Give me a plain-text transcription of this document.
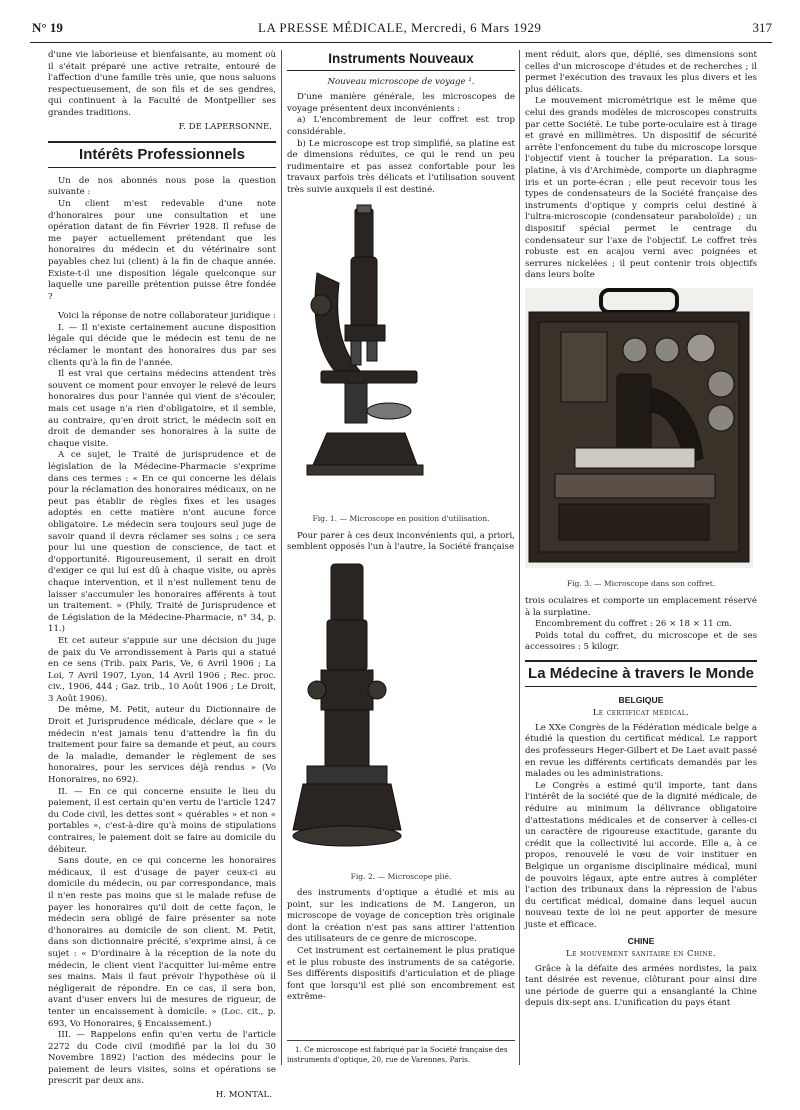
N° 19	LA PRESSE MÉDICALE, Mercredi, 6 Mars 1929	317

d'une vie laborieuse et bienfaisante, au moment où il s'était préparé une active retraite, entouré de l'affection d'une famille très unie, que nous saluons respectueusement, de son fils et de ses gendres, qui continuent à la Faculté de Montpellier ses grandes traditions.

F. DE LAPERSONNE.
Intérêts Professionnels

Un de nos abonnés nous pose la question suivante :

Un client m'est redevable d'une note d'honoraires pour une consultation et une opération datant de fin Février 1928. Il refuse de me payer actuellement prétendant que les honoraires du médecin et du vétérinaire sont payables chez lui (client) à la fin de chaque année. Existe-t-il une disposition légale quelconque sur laquelle une pareille prétention puisse être fondée ?

Voici la réponse de notre collaborateur juridique :

I. — Il n'existe certainement aucune disposition légale qui décide que le médecin est tenu de ne réclamer le montant des honoraires dus par ses clients qu'à la fin de l'année.

Il est vrai que certains médecins attendent très souvent ce moment pour envoyer le relevé de leurs honoraires dus pour l'année qui vient de s'écouler, mais cet usage n'a rien d'obligatoire, et il semble, au contraire, qu'en droit strict, le médecin soit en droit de demander ses honoraires à la suite de chaque visite.

A ce sujet, le Traité de jurisprudence et de législation de la Médecine-Pharmacie s'exprime dans ces termes : « En ce qui concerne les délais pour la réclamation des honoraires médicaux, on ne peut pas établir de règles fixes et les usages adoptés en cette matière n'ont aucune force obligatoire. Le médecin sera toujours seul juge de savoir quand il devra réclamer ses soins ; ce sera pour lui une question de conscience, de tact et d'opportunité. Rigoureusement, il serait en droit d'exiger ce qui lui est dû à chaque visite, ou après chaque intervention, et il n'est nullement tenu de laisser s'accumuler les honoraires afférents à tout un traitement. » (Phily, Traité de Jurisprudence et de Législation de la Médecine-Pharmacie, n° 34, p. 11.)

Et cet auteur s'appuie sur une décision du juge de paix du Ve arrondissement à Paris qui a statué en ce sens (Trib. paix Paris, Ve, 6 Avril 1906 ; La Loi, 7 Avril 1907, Lyon, 14 Avril 1906 ; Rec. proc. civ., 1906, 444 ; Gaz. trib., 10 Août 1906 ; Le Droit, 3 Août 1906).

De même, M. Petit, auteur du Dictionnaire de Droit et Jurisprudence médicale, déclare que « le médecin n'est jamais tenu d'attendre la fin du traitement pour faire sa demande et peut, au cours de la maladie, demander le règlement de ses honoraires, pour les services déjà rendus » (Vo Honoraires, no 692).

II. — En ce qui concerne ensuite le lieu du paiement, il est certain qu'en vertu de l'article 1247 du Code civil, les dettes sont « quérables » et non « portables », c'est-à-dire qu'à moins de stipulations contraires, le paiement doit se faire au domicile du débiteur.

Sans doute, en ce qui concerne les honoraires médicaux, il est d'usage de payer ceux-ci au domicile du médecin, ou par correspondance, mais il n'en reste pas moins que si le malade refuse de payer les honoraires qu'il doit de cette façon, le médecin sera obligé de faire présenter sa note d'honoraires au domicile de son client. M. Petit, dans son dictionnaire précité, s'exprime ainsi, à ce sujet : « D'ordinaire à la réception de la note du médecin, le client vient l'acquitter lui-même entre ses mains. Mais il faut prévoir l'hypothèse où il négligerait de répondre. En ce cas, il sera bon, avant d'user envers lui de mesures de rigueur, de tenter un encaissement à domicile. » (Loc. cit., p. 693, Vo Honoraires, § Encaissement.)

III. — Rappelons enfin qu'en vertu de l'article 2272 du Code civil (modifié par la loi du 30 Novembre 1892) l'action des médecins pour le paiement de leurs visites, soins et opérations se prescrit par deux ans.

H. MONTAL.
Instruments Nouveaux
Nouveau microscope de voyage ¹.

D'une manière générale, les microscopes de voyage présentent deux inconvénients :

a) L'encombrement de leur coffret est trop considérable.

b) Le microscope est trop simplifié, sa platine est de dimensions réduites, ce qui le rend un peu rudimentaire et pas assez confortable pour les travaux parfois très délicats et l'utilisation souvent très suivie auxquels il est destiné.

Fig. 1. — Microscope en position d'utilisation.

Pour parer à ces deux inconvénients qui, a priori, semblent opposés l'un à l'autre, la Société française

Fig. 2. — Microscope plié.

des instruments d'optique a étudié et mis au point, sur les indications de M. Langeron, un microscope de voyage de conception très originale dont la création n'est pas sans attirer l'attention des utilisateurs de ce genre de microscope.

Cet instrument est certainement le plus pratique et le plus robuste des instruments de sa catégorie. Ses différents dispositifs d'articulation et de pliage font que lorsqu'il est plié son encombrement est extrême-

1. Ce microscope est fabriqué par la Société française des instruments d'optique, 20, rue de Varennes, Paris.

ment réduit, alors que, déplié, ses dimensions sont celles d'un microscope d'études et de recherches ; il permet l'exécution des travaux les plus divers et les plus délicats.

Le mouvement micrométrique est le même que celui des grands modèles de microscopes construits par cette Société. Le tube porte-oculaire est à tirage et gravé en millimètres. Un dispositif de sécurité arrête l'enfoncement du tube du microscope lorsque l'objectif vient à toucher la préparation. La sous-platine, à vis d'Archimède, comporte un diaphragme iris et un porte-écran ; elle peut recevoir tous les types de condensateurs de la Société française des instruments d'optique y compris celui destiné à l'ultra-microscopie (condensateur paraboloïde) ; un dispositif spécial permet le centrage du condensateur sur l'axe de l'objectif. Le coffret très robuste est en acajou verni avec poignées et serrures nickelées ; il peut contenir trois objectifs dans leurs boîte

Fig. 3. — Microscope dans son coffret.

trois oculaires et comporte un emplacement réservé à la surplatine.

Encombrement du coffret : 26 × 18 × 11 cm.

Poids total du coffret, du microscope et de ses accessoires : 5 kilogr.

La Médecine à travers le Monde
BELGIQUE
Le certificat médical.

Le XXe Congrès de la Fédération médicale belge a étudié la question du certificat médical. Le rapport des professeurs Heger-Gilbert et De Laet avait passé en revue les différents certificats demandés par les malades ou les administrations.

Le Congrès a estimé qu'il importe, tant dans l'intérêt de la société que de la dignité médicale, de réduire au minimum la délivrance obligatoire d'attestations médicales et de conserver à celles-ci un caractère de rigoureuse exactitude, garante du crédit que la collectivité lui accorde. Elle a, à ce propos, renouvelé le vœu de voir instituer en Belgique un organisme disciplinaire médical, muni de pouvoirs légaux, apte entre autres à compléter l'action des tribunaux dans la répression de l'abus du certificat médical, domaine dans lequel aucun nouveau texte de loi ne peut apporter de mesure juste et efficace.

CHINE
Le mouvement sanitaire en Chine.

Grâce à la défaite des armées nordistes, la paix tant désirée est revenue, clôturant pour ainsi dire une période de guerre qui a ensanglanté la Chine depuis dix-sept ans. L'unification du pays étant
